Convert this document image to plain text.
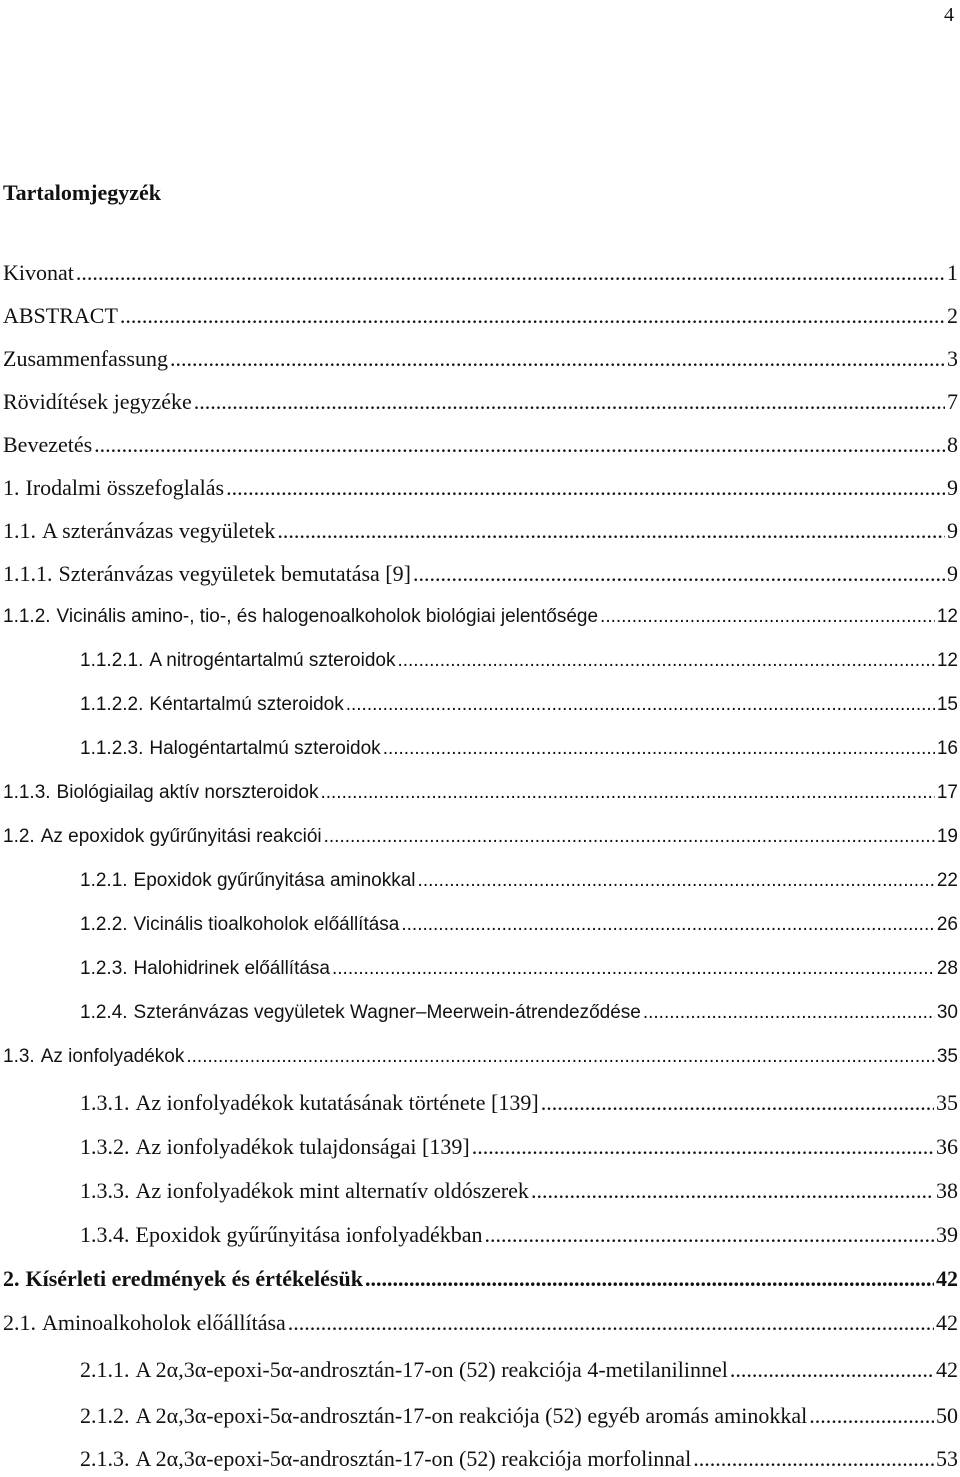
4
Tartalomjegyzék
Kivonat .....	1
ABSTRACT .....	2
Zusammenfassung .....	3
Rövidítések jegyzéke .....	7
Bevezetés .....	8
1. Irodalmi összefoglalás .....	9
1.1. A szteránvázas vegyületek .....	9
1.1.1. Szteránvázas vegyületek bemutatása [9] .....	9
1.1.2. Vicinális amino-, tio-, és halogenoalkoholok biológiai jelentősége .....	12
1.1.2.1. A nitrogéntartalmú szteroidok .....	12
1.1.2.2. Kéntartalmú szteroidok .....	15
1.1.2.3. Halogéntartalmú szteroidok .....	16
1.1.3. Biológiailag aktív norszteroidok .....	17
1.2. Az epoxidok gyűrűnyitási reakciói .....	19
1.2.1. Epoxidok gyűrűnyitása aminokkal .....	22
1.2.2. Vicinális tioalkoholok előállítása .....	26
1.2.3. Halohidrinek előállítása .....	28
1.2.4. Szteránvázas vegyületek Wagner–Meerwein-átrendeződése .....	30
1.3. Az ionfolyadékok .....	35
1.3.1. Az ionfolyadékok kutatásának története [139] .....	35
1.3.2. Az ionfolyadékok tulajdonságai [139] .....	36
1.3.3. Az ionfolyadékok mint alternatív oldószerek .....	38
1.3.4. Epoxidok gyűrűnyitása ionfolyadékban .....	39
2. Kísérleti eredmények és értékelésük .....	42
2.1. Aminoalkoholok előállítása .....	42
2.1.1. A 2α,3α-epoxi-5α-androsztán-17-on (52) reakciója 4-metilanilinnel .....	42
2.1.2. A 2α,3α-epoxi-5α-androsztán-17-on reakciója (52) egyéb aromás aminokkal .....	50
2.1.3. A 2α,3α-epoxi-5α-androsztán-17-on (52) reakciója morfolinnal .....	53
